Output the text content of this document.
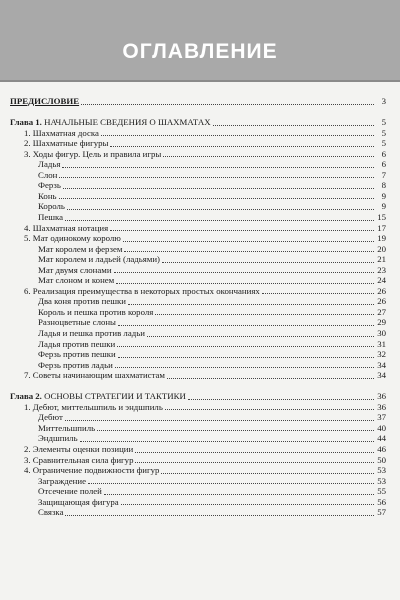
ОГЛАВЛЕНИЕ
ПРЕДИСЛОВИЕ	3
Глава 1. НАЧАЛЬНЫЕ СВЕДЕНИЯ О ШАХМАТАХ	5
1. Шахматная доска	5
2. Шахматные фигуры	5
3. Ходы фигур. Цель и правила игры	6
Ладья	6
Слон	7
Ферзь	8
Конь	9
Король	9
Пешка	15
4. Шахматная нотация	17
5. Мат одинокому королю	19
Мат королем и ферзем	20
Мат королем и ладьей (ладьями)	21
Мат двумя слонами	23
Мат слоном и конем	24
6. Реализация преимущества в некоторых простых окончаниях	26
Два коня против пешки	26
Король и пешка против короля	27
Разноцветные слоны	29
Ладья и пешка против ладьи	30
Ладья против пешки	31
Ферзь против пешки	32
Ферзь против ладьи	34
7. Советы начинающим шахматистам	34
Глава 2. ОСНОВЫ СТРАТЕГИИ И ТАКТИКИ	36
1. Дебют, миттельшпиль и эндшпиль	36
Дебют	37
Миттельшпиль	40
Эндшпиль	44
2. Элементы оценки позиции	46
3. Сравнительная сила фигур	50
4. Ограничение подвижности фигур	53
Заграждение	53
Отсечение полей	55
Защищающая фигура	56
Связка	57
